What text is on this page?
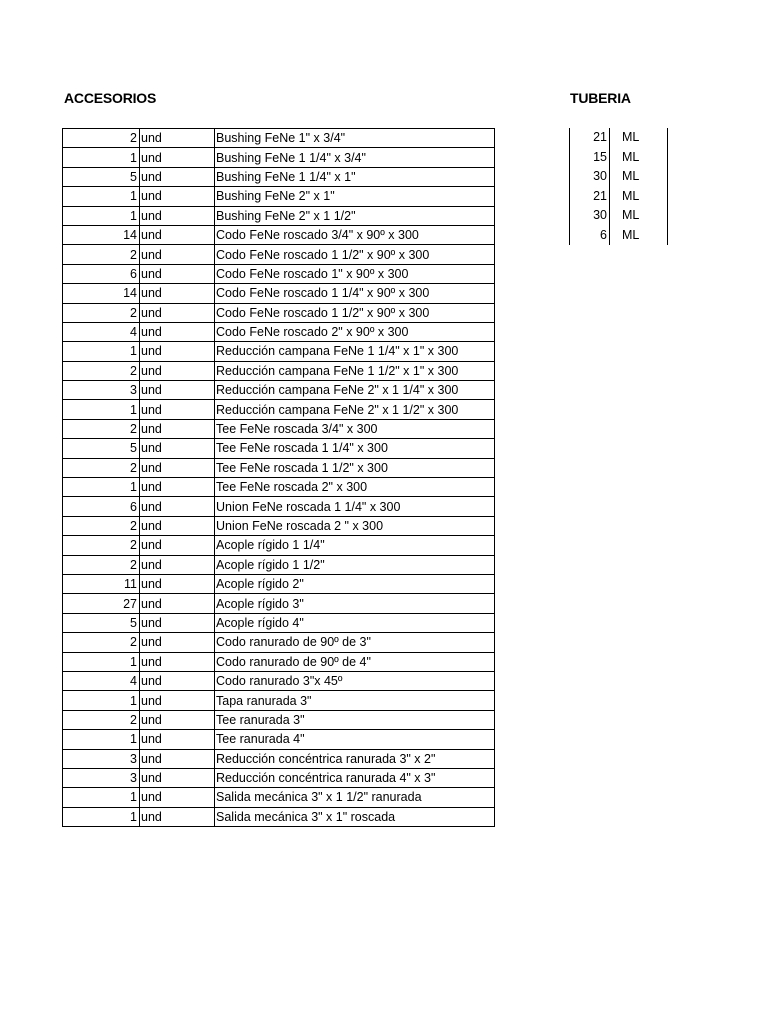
ACCESORIOS	TUBERIA
2	und	Bushing FeNe 1" x 3/4"
1	und	Bushing FeNe 1 1/4" x 3/4"
5	und	Bushing FeNe 1 1/4" x 1"
1	und	Bushing FeNe 2" x 1"
1	und	Bushing FeNe 2" x 1 1/2"
14	und	Codo FeNe roscado 3/4" x 90º x 300
2	und	Codo FeNe roscado 1 1/2" x 90º x 300
6	und	Codo FeNe roscado 1" x 90º x 300
14	und	Codo FeNe roscado 1 1/4" x 90º x 300
2	und	Codo FeNe roscado 1 1/2" x 90º x 300
4	und	Codo FeNe roscado 2" x 90º x 300
1	und	Reducción campana FeNe 1 1/4" x 1" x 300
2	und	Reducción campana FeNe 1 1/2" x 1" x 300
3	und	Reducción campana FeNe 2" x 1 1/4" x 300
1	und	Reducción campana FeNe 2" x 1 1/2" x 300
2	und	Tee FeNe roscada 3/4" x 300
5	und	Tee FeNe roscada 1 1/4" x 300
2	und	Tee FeNe roscada 1 1/2" x 300
1	und	Tee FeNe roscada 2" x 300
6	und	Union FeNe roscada 1 1/4" x 300
2	und	Union FeNe roscada 2 " x 300
2	und	Acople rígido 1 1/4"
2	und	Acople rígido 1 1/2"
11	und	Acople rígido 2"
27	und	Acople rígido 3"
5	und	Acople rígido 4"
2	und	Codo ranurado de 90º de 3"
1	und	Codo ranurado de 90º de 4"
4	und	Codo ranurado 3"x 45º
1	und	Tapa ranurada 3"
2	und	Tee ranurada 3"
1	und	Tee ranurada 4"
3	und	Reducción concéntrica ranurada 3" x 2"
3	und	Reducción concéntrica ranurada 4" x 3"
1	und	Salida mecánica 3" x 1 1/2" ranurada
1	und	Salida mecánica 3" x 1" roscada
21	ML
15	ML
30	ML
21	ML
30	ML
6	ML
